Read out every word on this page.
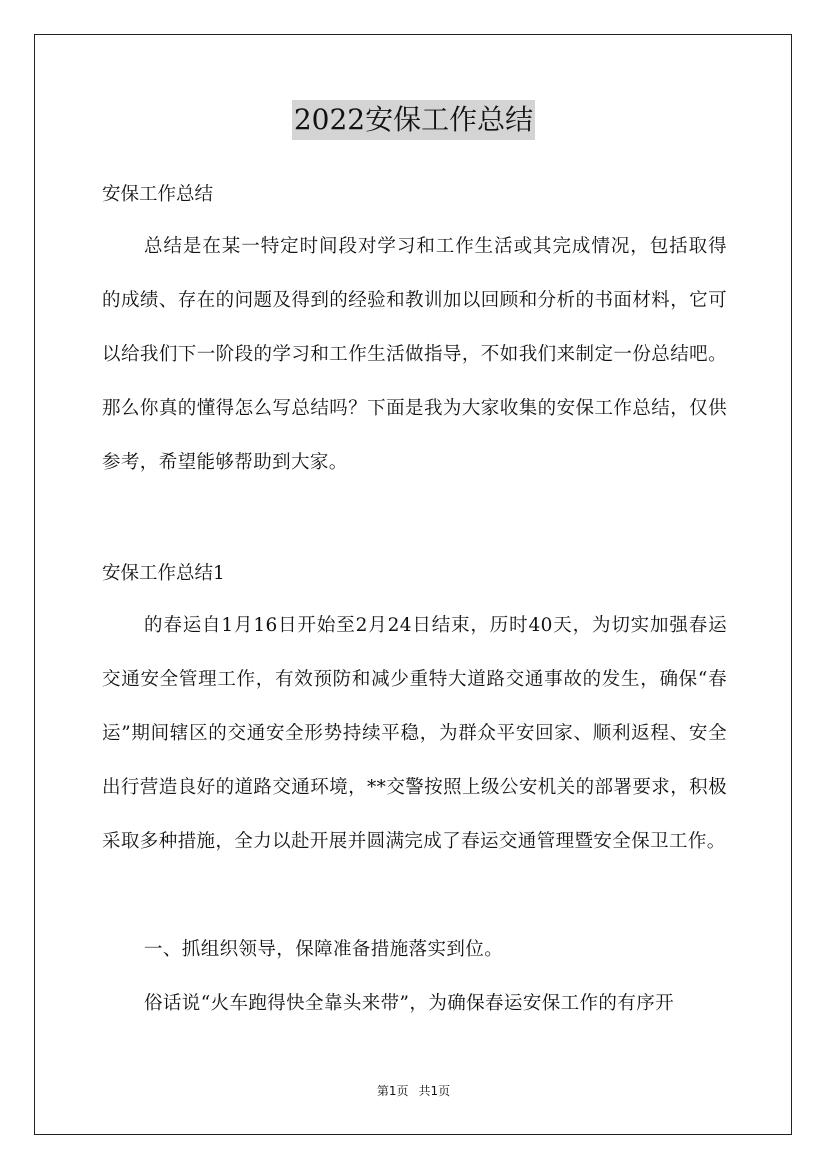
2022安保工作总结
安保工作总结
总结是在某一特定时间段对学习和工作生活或其完成情况，包括取得的成绩、存在的问题及得到的经验和教训加以回顾和分析的书面材料，它可以给我们下一阶段的学习和工作生活做指导，不如我们来制定一份总结吧。那么你真的懂得怎么写总结吗？下面是我为大家收集的安保工作总结，仅供参考，希望能够帮助到大家。
安保工作总结1
的春运自1月16日开始至2月24日结束，历时40天，为切实加强春运交通安全管理工作，有效预防和减少重特大道路交通事故的发生，确保“春运”期间辖区的交通安全形势持续平稳，为群众平安回家、顺利返程、安全出行营造良好的道路交通环境，**交警按照上级公安机关的部署要求，积极采取多种措施，全力以赴开展并圆满完成了春运交通管理暨安全保卫工作。
一、抓组织领导，保障准备措施落实到位。
俗话说“火车跑得快全靠头来带”，为确保春运安保工作的有序开
第1页 共1页
